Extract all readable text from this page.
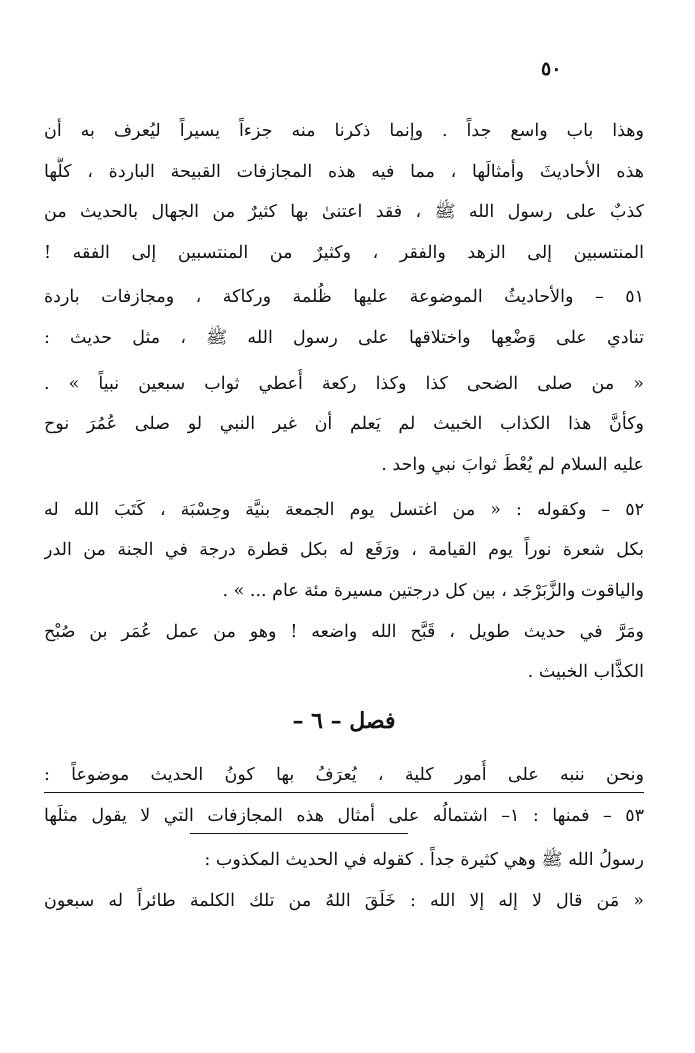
٥٠
وهذا باب واسع جداً . وإنما ذكرنا منه جزءاً يسيراً ليُعرف به أن
هذه الأحاديثَ وأمثالَها ، مما فيه هذه المجازفات القبيحة الباردة ، كلُّها
كذبٌ على رسول الله ﷺ ، فقد اعتنىٰ بها كثيرٌ من الجهال بالحديث من
المنتسبين إلى الزهد والفقر ، وكثيرٌ من المنتسبين إلى الفقه !
٥١ – والأحاديثُ الموضوعة عليها ظُلمة وركاكة ، ومجازفات باردة
تنادي على وَضْعِها واختلاقها على رسول الله ﷺ ، مثل حديث :
« من صلى الضحى كذا وكذا ركعة أُعطي ثواب سبعين نبياً » .
وكأنَّ هذا الكذاب الخبيث لم يَعلم أن غير النبي لو صلى عُمُرَ نوح
عليه السلام لم يُعْطَ ثوابَ نبي واحد .
٥٢ – وكقوله : « من اغتسل يوم الجمعة بنيَّة وحِسْبَة ، كَتَبَ الله له
بكل شعرة نوراً يوم القيامة ، ورَفَع له بكل قطرة درجة في الجنة من الدر
والياقوت والزَّبَرْجَد ، بين كل درجتين مسيرة مئة عام ... » .
ومَرَّ في حديث طويل ، قَبَّح الله واضعه ! وهو من عمل عُمَر بن صُبْح
الكذَّاب الخبيث .
فصل – ٦ –
ونحن ننبه على أُمور كلية ، يُعرَفُ بها كونُ الحديث موضوعاً :
٥٣ – فمنها : ١– اشتمالُه على أمثال هذه المجازفات التي لا يقول مثلَها
رسولُ الله ﷺ وهي كثيرة جداً . كقوله في الحديث المكذوب :
« مَن قال لا إله إلا الله : خَلَقَ اللهُ من تلك الكلمة طائراً له سبعون
